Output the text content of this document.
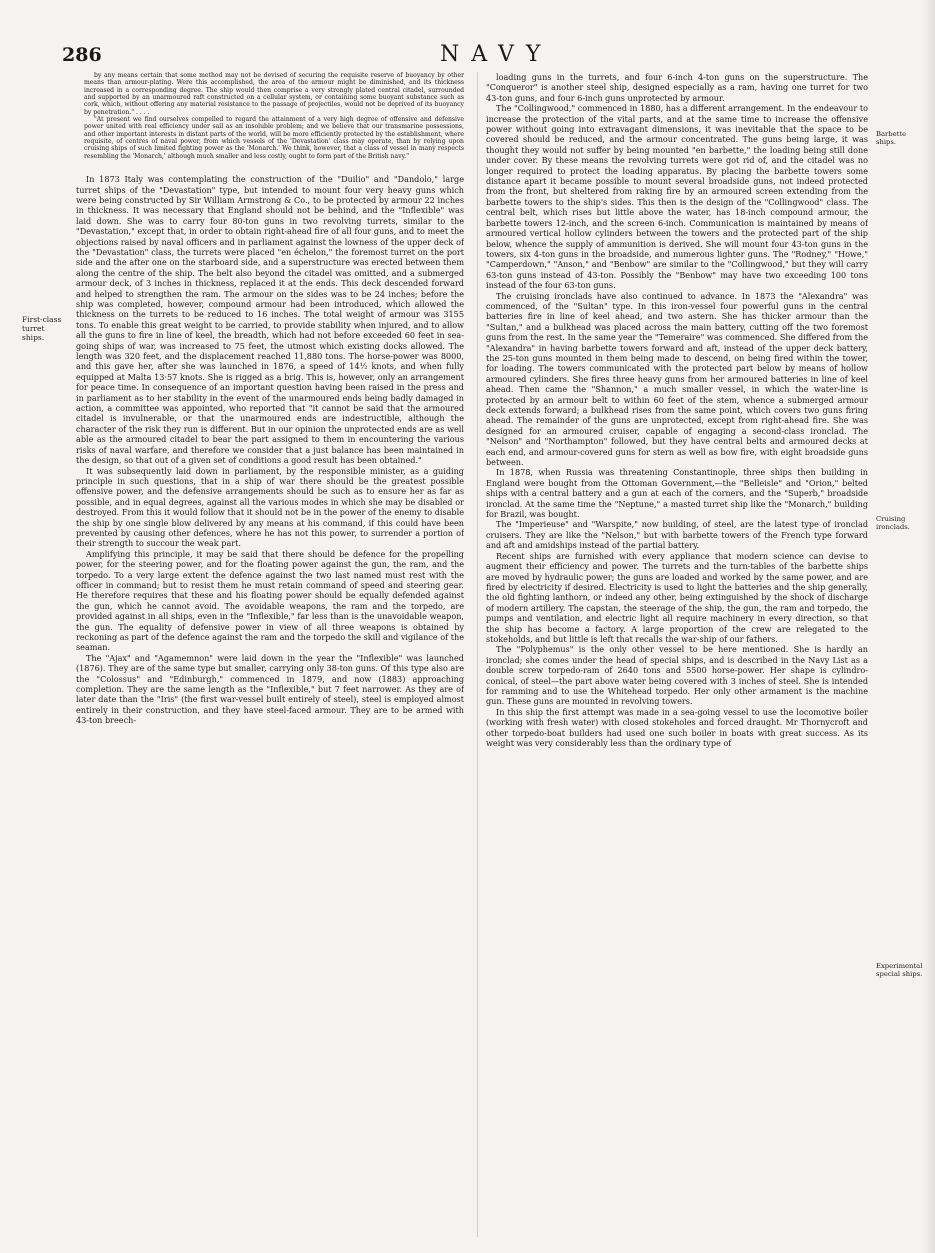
286	NAVY
First-class turret ships.
Barbette ships.
Cruising ironclads.
Experimental special ships.

by any means certain that some method may not be devised of securing the requisite reserve of buoyancy by other means than armour-plating. Were this accomplished, the area of the armour might be diminished, and its thickness increased in a corresponding degree. The ship would then comprise a very strongly plated central citadel, surrounded and supported by an unarmoured raft constructed on a cellular system, or containing some buoyant substance such as cork, which, without offering any material resistance to the passage of projectiles, would not be deprived of its buoyancy by penetration." . . . .

"At present we find ourselves compelled to regard the attainment of a very high degree of offensive and defensive power united with real efficiency under sail as an insoluble problem; and we believe that our transmarine possessions, and other important interests in distant parts of the world, will be more efficiently protected by the establishment, where requisite, of centres of naval power, from which vessels of the 'Devastation' class may operate, than by relying upon cruising ships of such limited fighting power as the 'Monarch.' We think, however, that a class of vessel in many respects resembling the 'Monarch,' although much smaller and less costly, ought to form part of the British navy."

In 1873 Italy was contemplating the construction of the "Duilio" and "Dandolo," large turret ships of the "Devastation" type, but intended to mount four very heavy guns which were being constructed by Sir William Armstrong & Co., to be protected by armour 22 inches in thickness. It was necessary that England should not be behind, and the "Inflexible" was laid down. She was to carry four 80-ton guns in two revolving turrets, similar to the "Devastation," except that, in order to obtain right-ahead fire of all four guns, and to meet the objections raised by naval officers and in parliament against the lowness of the upper deck of the "Devastation" class, the turrets were placed "en échelon," the foremost turret on the port side and the after one on the starboard side, and a superstructure was erected between them along the centre of the ship. The belt also beyond the citadel was omitted, and a submerged armour deck, of 3 inches in thickness, replaced it at the ends. This deck descended forward and helped to strengthen the ram. The armour on the sides was to be 24 inches; before the ship was completed, however, compound armour had been introduced, which allowed the thickness on the turrets to be reduced to 16 inches. The total weight of armour was 3155 tons. To enable this great weight to be carried, to provide stability when injured, and to allow all the guns to fire in line of keel, the breadth, which had not before exceeded 60 feet in sea-going ships of war, was increased to 75 feet, the utmost which existing docks allowed. The length was 320 feet, and the displacement reached 11,880 tons. The horse-power was 8000, and this gave her, after she was launched in 1876, a speed of 14½ knots, and when fully equipped at Malta 13·57 knots. She is rigged as a brig. This is, however, only an arrangement for peace time. In consequence of an important question having been raised in the press and in parliament as to her stability in the event of the unarmoured ends being badly damaged in action, a committee was appointed, who reported that "it cannot be said that the armoured citadel is invulnerable, or that the unarmoured ends are indestructible, although the character of the risk they run is different. But in our opinion the unprotected ends are as well able as the armoured citadel to bear the part assigned to them in encountering the various risks of naval warfare, and therefore we consider that a just balance has been maintained in the design, so that out of a given set of conditions a good result has been obtained."

It was subsequently laid down in parliament, by the responsible minister, as a guiding principle in such questions, that in a ship of war there should be the greatest possible offensive power, and the defensive arrangements should be such as to ensure her as far as possible, and in equal degrees, against all the various modes in which she may be disabled or destroyed. From this it would follow that it should not be in the power of the enemy to disable the ship by one single blow delivered by any means at his command, if this could have been prevented by causing other defences, where he has not this power, to surrender a portion of their strength to succour the weak part.

Amplifying this principle, it may be said that there should be defence for the propelling power, for the steering power, and for the floating power against the gun, the ram, and the torpedo. To a very large extent the defence against the two last named must rest with the officer in command; but to resist them he must retain command of speed and steering gear. He therefore requires that these and his floating power should be equally defended against the gun, which he cannot avoid. The avoidable weapons, the ram and the torpedo, are provided against in all ships, even in the "Inflexible," far less than is the unavoidable weapon, the gun. The equality of defensive power in view of all three weapons is obtained by reckoning as part of the defence against the ram and the torpedo the skill and vigilance of the seaman.

The "Ajax" and "Agamemnon" were laid down in the year the "Inflexible" was launched (1876). They are of the same type but smaller, carrying only 38-ton guns. Of this type also are the "Colossus" and "Edinburgh," commenced in 1879, and now (1883) approaching completion. They are the same length as the "Inflexible," but 7 feet narrower. As they are of later date than the "Iris" (the first war-vessel built entirely of steel), steel is employed almost entirely in their construction, and they have steel-faced armour. They are to be armed with 43-ton breech-

loading guns in the turrets, and four 6-inch 4-ton guns on the superstructure. The "Conqueror" is another steel ship, designed especially as a ram, having one turret for two 43-ton guns, and four 6-inch guns unprotected by armour.

The "Collingwood," commenced in 1880, has a different arrangement. In the endeavour to increase the protection of the vital parts, and at the same time to increase the offensive power without going into extravagant dimensions, it was inevitable that the space to be covered should be reduced, and the armour concentrated. The guns being large, it was thought they would not suffer by being mounted "en barbette," the loading being still done under cover. By these means the revolving turrets were got rid of, and the citadel was no longer required to protect the loading apparatus. By placing the barbette towers some distance apart it became possible to mount several broadside guns, not indeed protected from the front, but sheltered from raking fire by an armoured screen extending from the barbette towers to the ship's sides. This then is the design of the "Collingwood" class. The central belt, which rises but little above the water, has 18-inch compound armour, the barbette towers 12-inch, and the screen 6-inch. Communication is maintained by means of armoured vertical hollow cylinders between the towers and the protected part of the ship below, whence the supply of ammunition is derived. She will mount four 43-ton guns in the towers, six 4-ton guns in the broadside, and numerous lighter guns. The "Rodney," "Howe," "Camperdown," "Anson," and "Benbow" are similar to the "Collingwood," but they will carry 63-ton guns instead of 43-ton. Possibly the "Benbow" may have two exceeding 100 tons instead of the four 63-ton guns.

The cruising ironclads have also continued to advance. In 1873 the "Alexandra" was commenced, of the "Sultan" type. In this iron-vessel four powerful guns in the central batteries fire in line of keel ahead, and two astern. She has thicker armour than the "Sultan," and a bulkhead was placed across the main battery, cutting off the two foremost guns from the rest. In the same year the "Temeraire" was commenced. She differed from the "Alexandra" in having barbette towers forward and aft, instead of the upper deck battery, the 25-ton guns mounted in them being made to descend, on being fired within the tower, for loading. The towers communicated with the protected part below by means of hollow armoured cylinders. She fires three heavy guns from her armoured batteries in line of keel ahead. Then came the "Shannon," a much smaller vessel, in which the water-line is protected by an armour belt to within 60 feet of the stem, whence a submerged armour deck extends forward; a bulkhead rises from the same point, which covers two guns firing ahead. The remainder of the guns are unprotected, except from right-ahead fire. She was designed for an armoured cruiser, capable of engaging a second-class ironclad. The "Nelson" and "Northampton" followed, but they have central belts and armoured decks at each end, and armour-covered guns for stern as well as bow fire, with eight broadside guns between.

In 1878, when Russia was threatening Constantinople, three ships then building in England were bought from the Ottoman Government,—the "Belleisle" and "Orion," belted ships with a central battery and a gun at each of the corners, and the "Superb," broadside ironclad. At the same time the "Neptune," a masted turret ship like the "Monarch," building for Brazil, was bought.

The "Imperieuse" and "Warspite," now building, of steel, are the latest type of ironclad cruisers. They are like the "Nelson," but with barbette towers of the French type forward and aft and amidships instead of the partial battery.

Recent ships are furnished with every appliance that modern science can devise to augment their efficiency and power. The turrets and the turn-tables of the barbette ships are moved by hydraulic power; the guns are loaded and worked by the same power, and are fired by electricity if desired. Electricity is used to light the batteries and the ship generally, the old fighting lanthorn, or indeed any other, being extinguished by the shock of discharge of modern artillery. The capstan, the steerage of the ship, the gun, the ram and torpedo, the pumps and ventilation, and electric light all require machinery in every direction, so that the ship has become a factory. A large proportion of the crew are relegated to the stokeholds, and but little is left that recalls the war-ship of our fathers.

The "Polyphemus" is the only other vessel to be here mentioned. She is hardly an ironclad; she comes under the head of special ships, and is described in the Navy List as a double screw torpedo-ram of 2640 tons and 5500 horse-power. Her shape is cylindro-conical, of steel—the part above water being covered with 3 inches of steel. She is intended for ramming and to use the Whitehead torpedo. Her only other armament is the machine gun. These guns are mounted in revolving towers.

In this ship the first attempt was made in a sea-going vessel to use the locomotive boiler (working with fresh water) with closed stokeholes and forced draught. Mr Thornycroft and other torpedo-boat builders had used one such boiler in boats with great success. As its weight was very considerably less than the ordinary type of
